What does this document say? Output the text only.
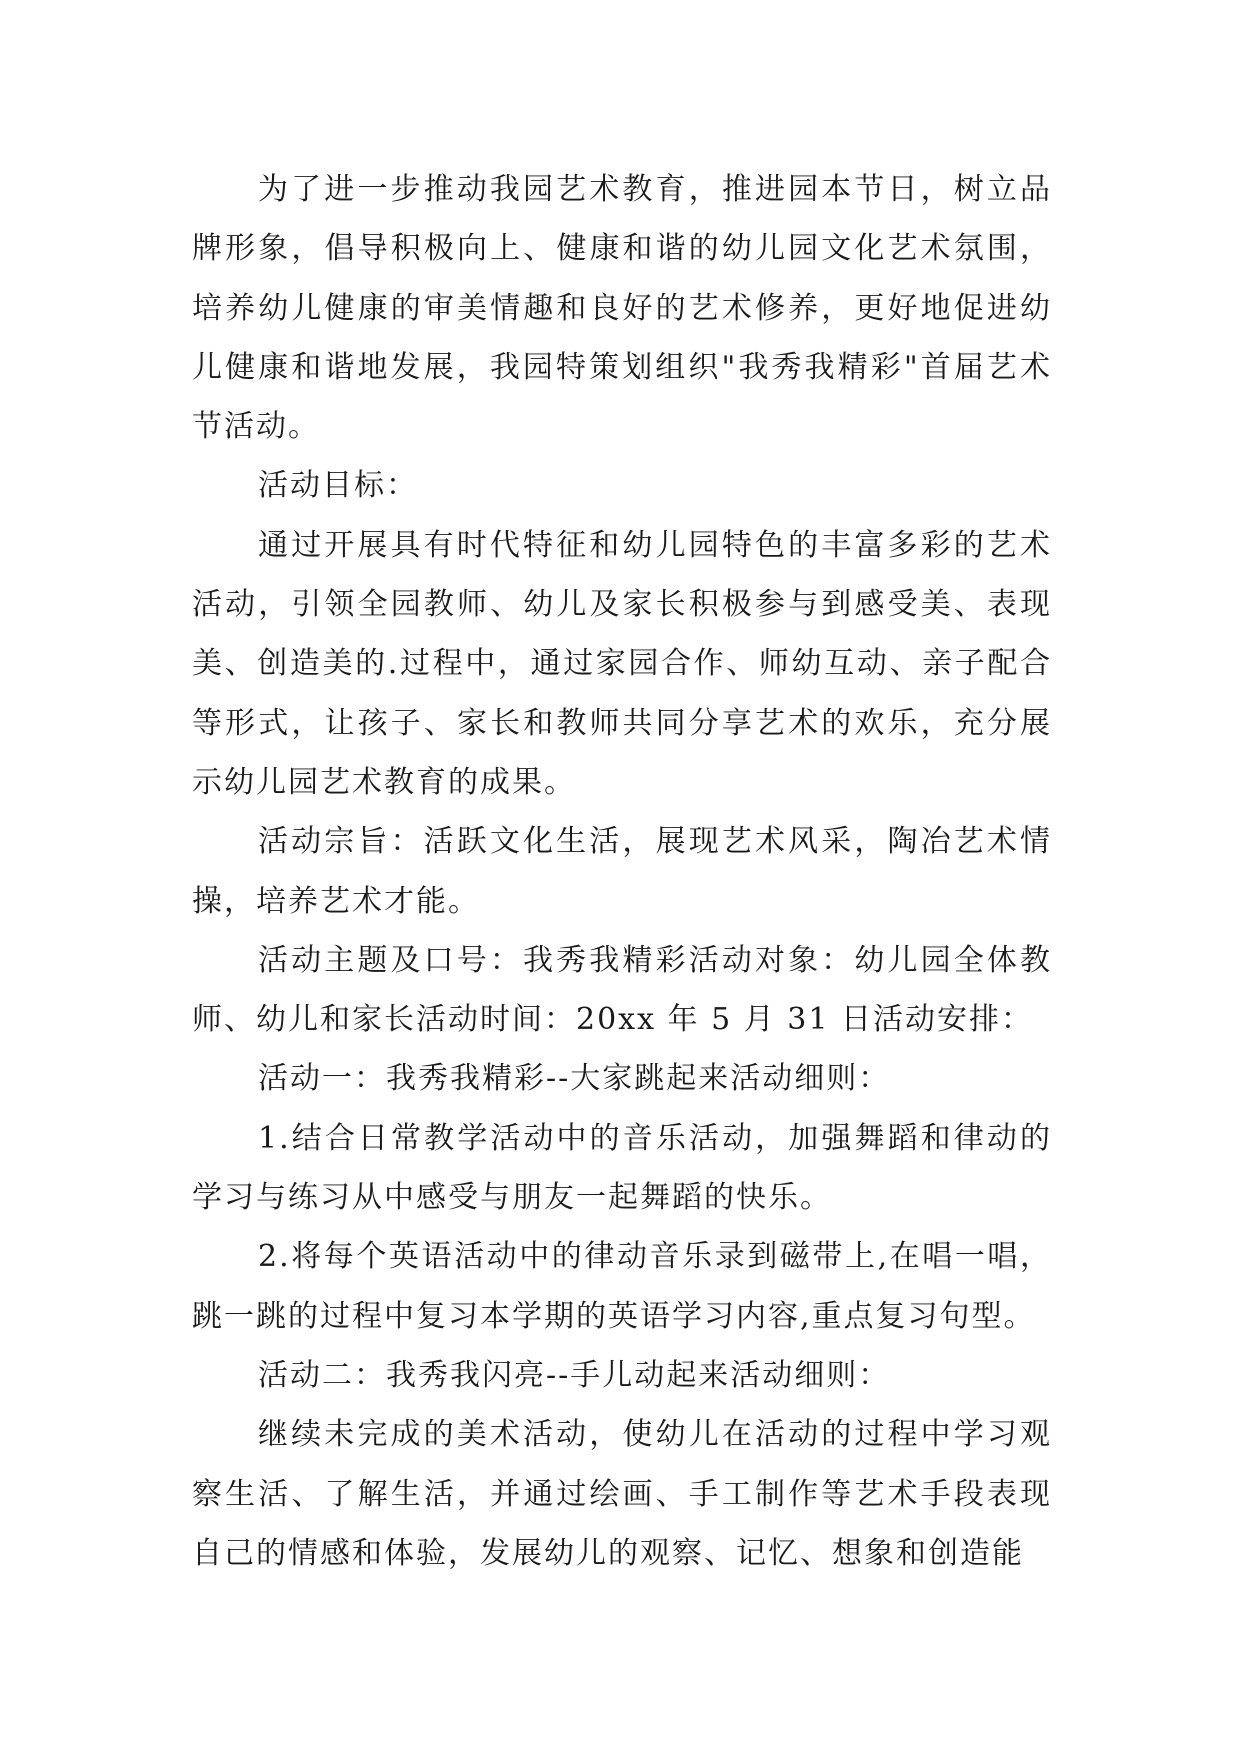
为了进一步推动我园艺术教育，推进园本节日，树立品牌形象，倡导积极向上、健康和谐的幼儿园文化艺术氛围，培养幼儿健康的审美情趣和良好的艺术修养，更好地促进幼儿健康和谐地发展，我园特策划组织"我秀我精彩"首届艺术节活动。

活动目标：

通过开展具有时代特征和幼儿园特色的丰富多彩的艺术活动，引领全园教师、幼儿及家长积极参与到感受美、表现美、创造美的.过程中，通过家园合作、师幼互动、亲子配合等形式，让孩子、家长和教师共同分享艺术的欢乐，充分展示幼儿园艺术教育的成果。

活动宗旨：活跃文化生活，展现艺术风采，陶冶艺术情操，培养艺术才能。

活动主题及口号：我秀我精彩活动对象：幼儿园全体教师、幼儿和家长活动时间：20xx 年 5 月 31 日活动安排：

活动一：我秀我精彩--大家跳起来活动细则：

1.结合日常教学活动中的音乐活动，加强舞蹈和律动的学习与练习从中感受与朋友一起舞蹈的快乐。

2.将每个英语活动中的律动音乐录到磁带上,在唱一唱，跳一跳的过程中复习本学期的英语学习内容,重点复习句型。

活动二：我秀我闪亮--手儿动起来活动细则：

继续未完成的美术活动，使幼儿在活动的过程中学习观察生活、了解生活，并通过绘画、手工制作等艺术手段表现自己的情感和体验，发展幼儿的观察、记忆、想象和创造能
